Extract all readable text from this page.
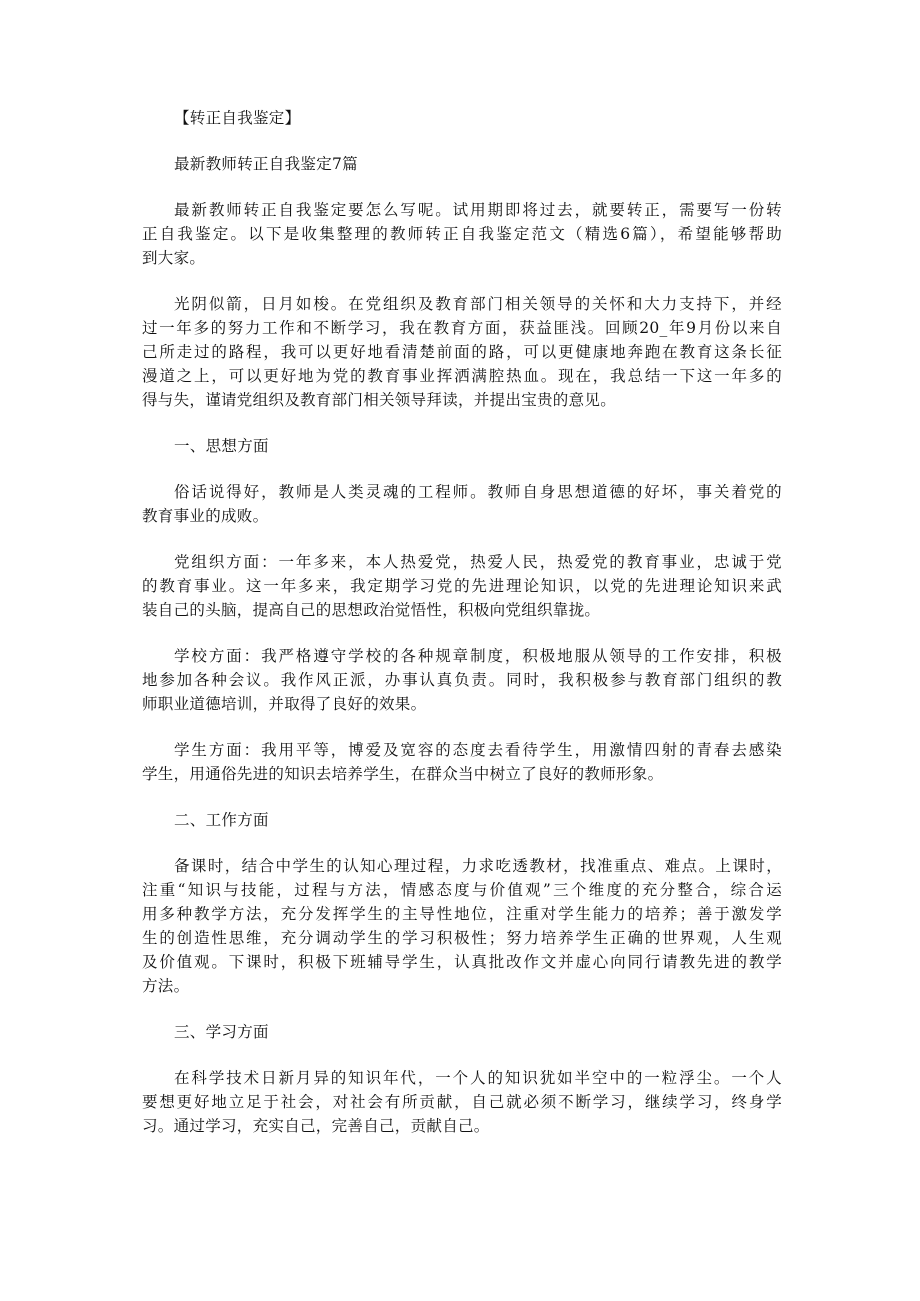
【转正自我鉴定】
最新教师转正自我鉴定7篇
最新教师转正自我鉴定要怎么写呢。试用期即将过去，就要转正，需要写一份转
正自我鉴定。以下是收集整理的教师转正自我鉴定范文（精选6篇），希望能够帮助
到大家。
光阴似箭，日月如梭。在党组织及教育部门相关领导的关怀和大力支持下，并经
过一年多的努力工作和不断学习，我在教育方面，获益匪浅。回顾20_年9月份以来自
己所走过的路程，我可以更好地看清楚前面的路，可以更健康地奔跑在教育这条长征
漫道之上，可以更好地为党的教育事业挥洒满腔热血。现在，我总结一下这一年多的
得与失，谨请党组织及教育部门相关领导拜读，并提出宝贵的意见。
一、思想方面
俗话说得好，教师是人类灵魂的工程师。教师自身思想道德的好坏，事关着党的
教育事业的成败。
党组织方面：一年多来，本人热爱党，热爱人民，热爱党的教育事业，忠诚于党
的教育事业。这一年多来，我定期学习党的先进理论知识，以党的先进理论知识来武
装自己的头脑，提高自己的思想政治觉悟性，积极向党组织靠拢。
学校方面：我严格遵守学校的各种规章制度，积极地服从领导的工作安排，积极
地参加各种会议。我作风正派，办事认真负责。同时，我积极参与教育部门组织的教
师职业道德培训，并取得了良好的效果。
学生方面：我用平等，博爱及宽容的态度去看待学生，用激情四射的青春去感染
学生，用通俗先进的知识去培养学生，在群众当中树立了良好的教师形象。
二、工作方面
备课时，结合中学生的认知心理过程，力求吃透教材，找准重点、难点。上课时，
注重“知识与技能，过程与方法，情感态度与价值观”三个维度的充分整合，综合运
用多种教学方法，充分发挥学生的主导性地位，注重对学生能力的培养；善于激发学
生的创造性思维，充分调动学生的学习积极性；努力培养学生正确的世界观，人生观
及价值观。下课时，积极下班辅导学生，认真批改作文并虚心向同行请教先进的教学
方法。
三、学习方面
在科学技术日新月异的知识年代，一个人的知识犹如半空中的一粒浮尘。一个人
要想更好地立足于社会，对社会有所贡献，自己就必须不断学习，继续学习，终身学
习。通过学习，充实自己，完善自己，贡献自己。
